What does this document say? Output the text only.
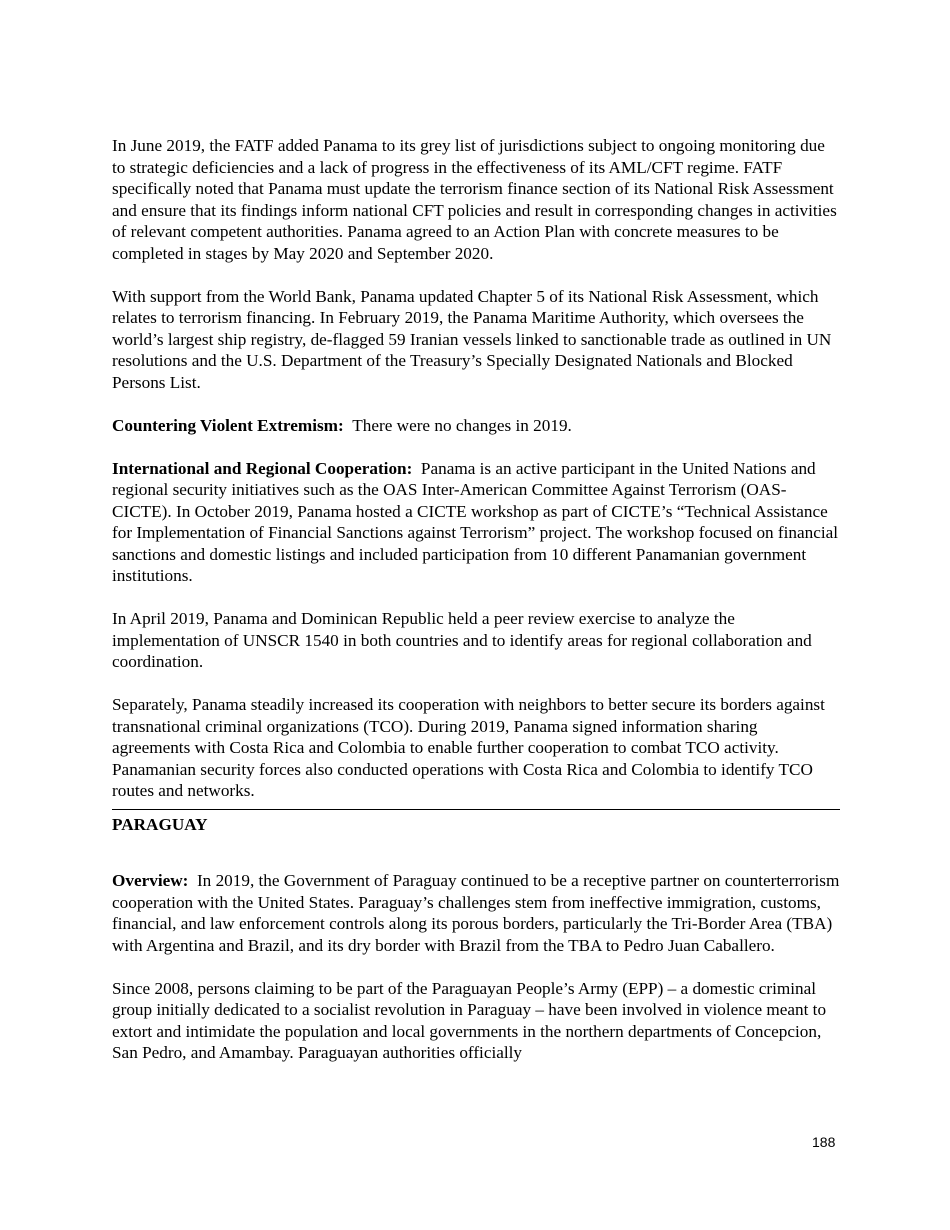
In June 2019, the FATF added Panama to its grey list of jurisdictions subject to ongoing monitoring due to strategic deficiencies and a lack of progress in the effectiveness of its AML/CFT regime. FATF specifically noted that Panama must update the terrorism finance section of its National Risk Assessment and ensure that its findings inform national CFT policies and result in corresponding changes in activities of relevant competent authorities. Panama agreed to an Action Plan with concrete measures to be completed in stages by May 2020 and September 2020.

With support from the World Bank, Panama updated Chapter 5 of its National Risk Assessment, which relates to terrorism financing. In February 2019, the Panama Maritime Authority, which oversees the world’s largest ship registry, de-flagged 59 Iranian vessels linked to sanctionable trade as outlined in UN resolutions and the U.S. Department of the Treasury’s Specially Designated Nationals and Blocked Persons List.

Countering Violent Extremism: There were no changes in 2019.

International and Regional Cooperation: Panama is an active participant in the United Nations and regional security initiatives such as the OAS Inter-American Committee Against Terrorism (OAS-CICTE). In October 2019, Panama hosted a CICTE workshop as part of CICTE’s “Technical Assistance for Implementation of Financial Sanctions against Terrorism” project. The workshop focused on financial sanctions and domestic listings and included participation from 10 different Panamanian government institutions.

In April 2019, Panama and Dominican Republic held a peer review exercise to analyze the implementation of UNSCR 1540 in both countries and to identify areas for regional collaboration and coordination.

Separately, Panama steadily increased its cooperation with neighbors to better secure its borders against transnational criminal organizations (TCO). During 2019, Panama signed information sharing agreements with Costa Rica and Colombia to enable further cooperation to combat TCO activity. Panamanian security forces also conducted operations with Costa Rica and Colombia to identify TCO routes and networks.

PARAGUAY

Overview: In 2019, the Government of Paraguay continued to be a receptive partner on counterterrorism cooperation with the United States. Paraguay’s challenges stem from ineffective immigration, customs, financial, and law enforcement controls along its porous borders, particularly the Tri-Border Area (TBA) with Argentina and Brazil, and its dry border with Brazil from the TBA to Pedro Juan Caballero.

Since 2008, persons claiming to be part of the Paraguayan People’s Army (EPP) – a domestic criminal group initially dedicated to a socialist revolution in Paraguay – have been involved in violence meant to extort and intimidate the population and local governments in the northern departments of Concepcion, San Pedro, and Amambay. Paraguayan authorities officially

188
